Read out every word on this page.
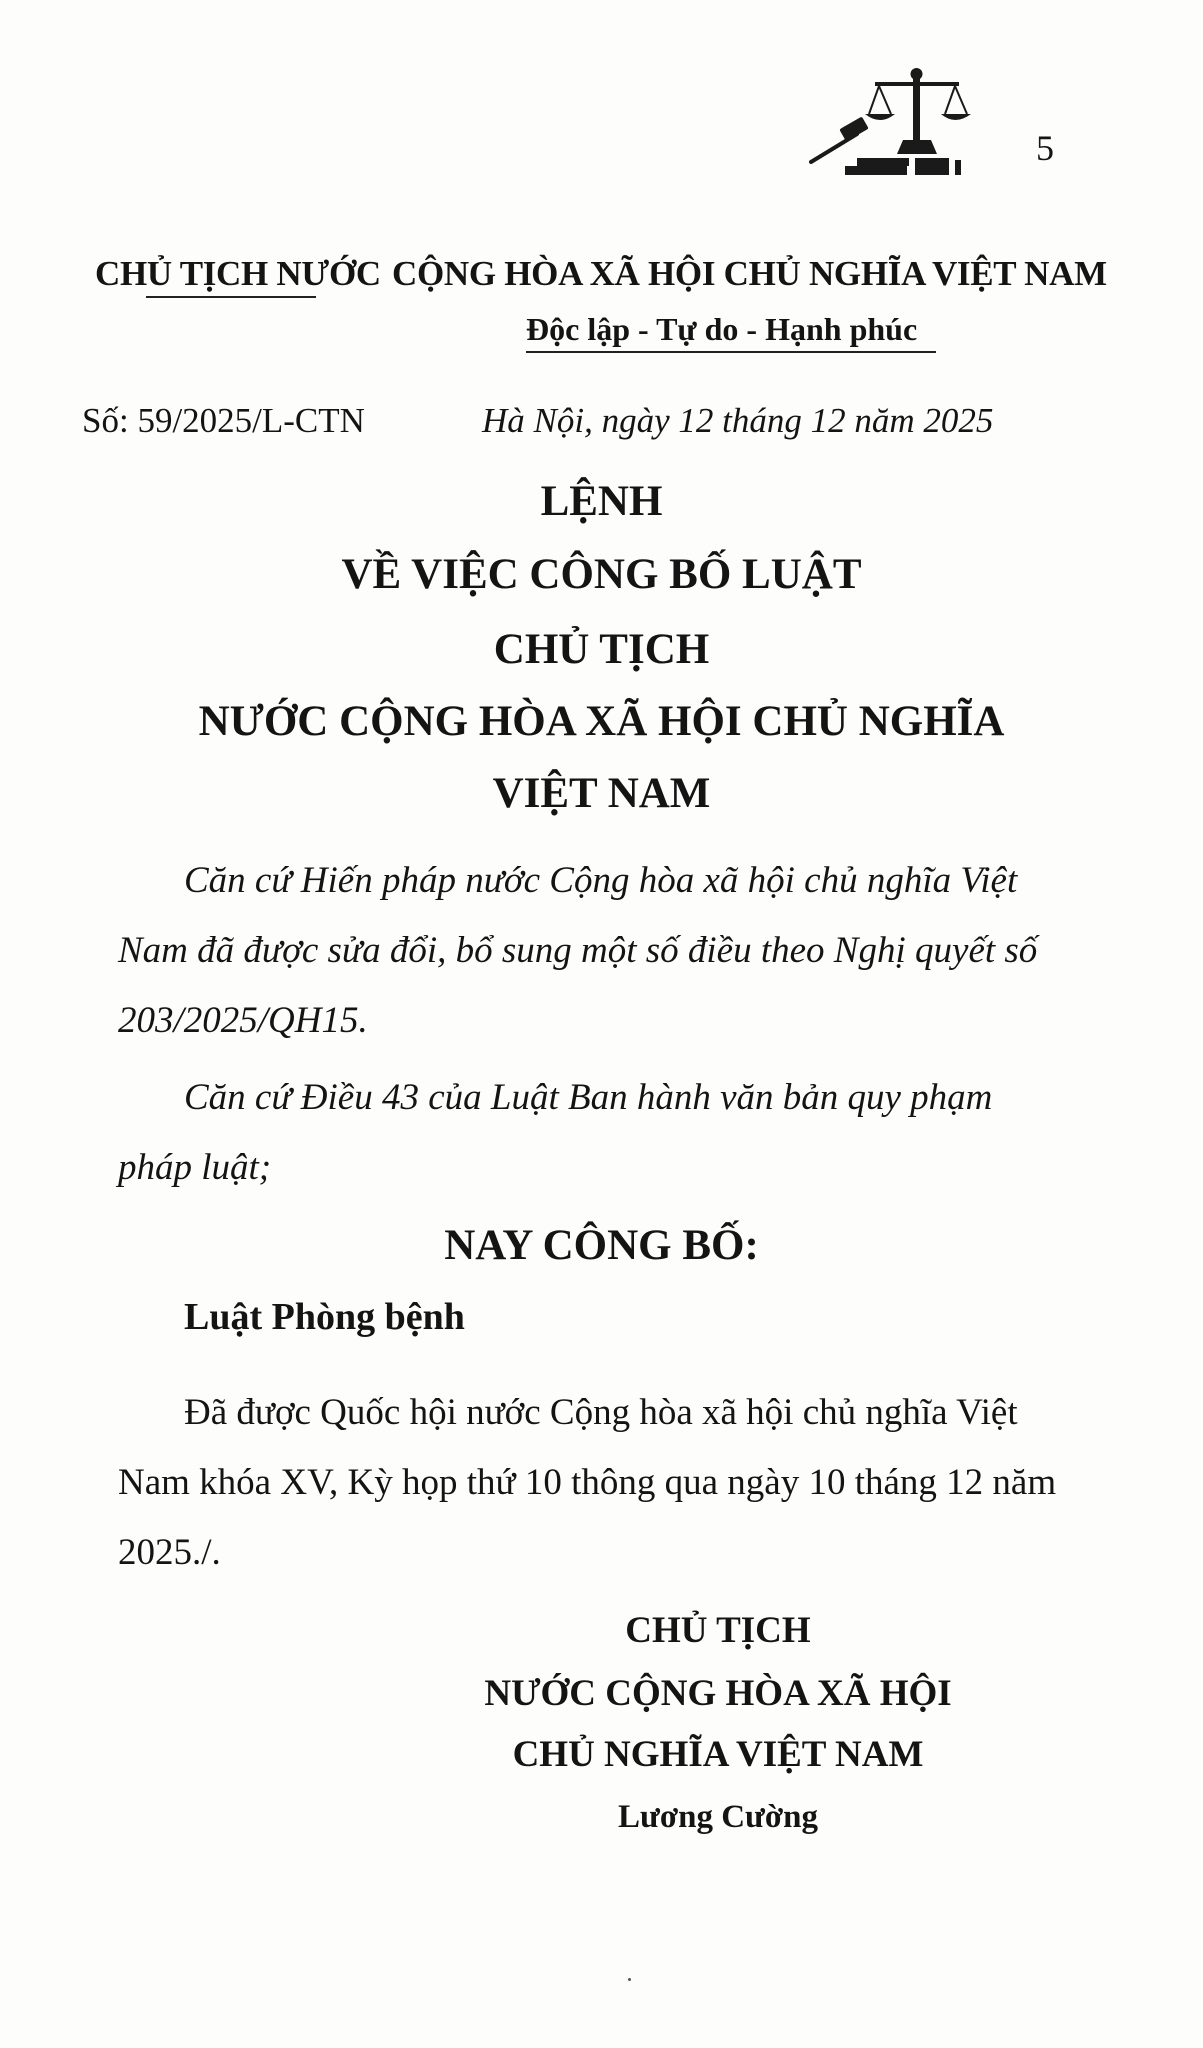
5
CHỦ TỊCH NƯỚC CỘNG HÒA XÃ HỘI CHỦ NGHĨA VIỆT NAM
Độc lập - Tự do - Hạnh phúc
Số: 59/2025/L-CTN	Hà Nội, ngày 12 tháng 12 năm 2025
LỆNH
VỀ VIỆC CÔNG BỐ LUẬT
CHỦ TỊCH
NƯỚC CỘNG HÒA XÃ HỘI CHỦ NGHĨA
VIỆT NAM
Căn cứ Hiến pháp nước Cộng hòa xã hội chủ nghĩa Việt Nam đã được sửa đổi, bổ sung một số điều theo Nghị quyết số 203/2025/QH15.
Căn cứ Điều 43 của Luật Ban hành văn bản quy phạm pháp luật;
NAY CÔNG BỐ:
Luật Phòng bệnh
Đã được Quốc hội nước Cộng hòa xã hội chủ nghĩa Việt Nam khóa XV, Kỳ họp thứ 10 thông qua ngày 10 tháng 12 năm 2025./.
CHỦ TỊCH
NƯỚC CỘNG HÒA XÃ HỘI
CHỦ NGHĨA VIỆT NAM
Lương Cường
